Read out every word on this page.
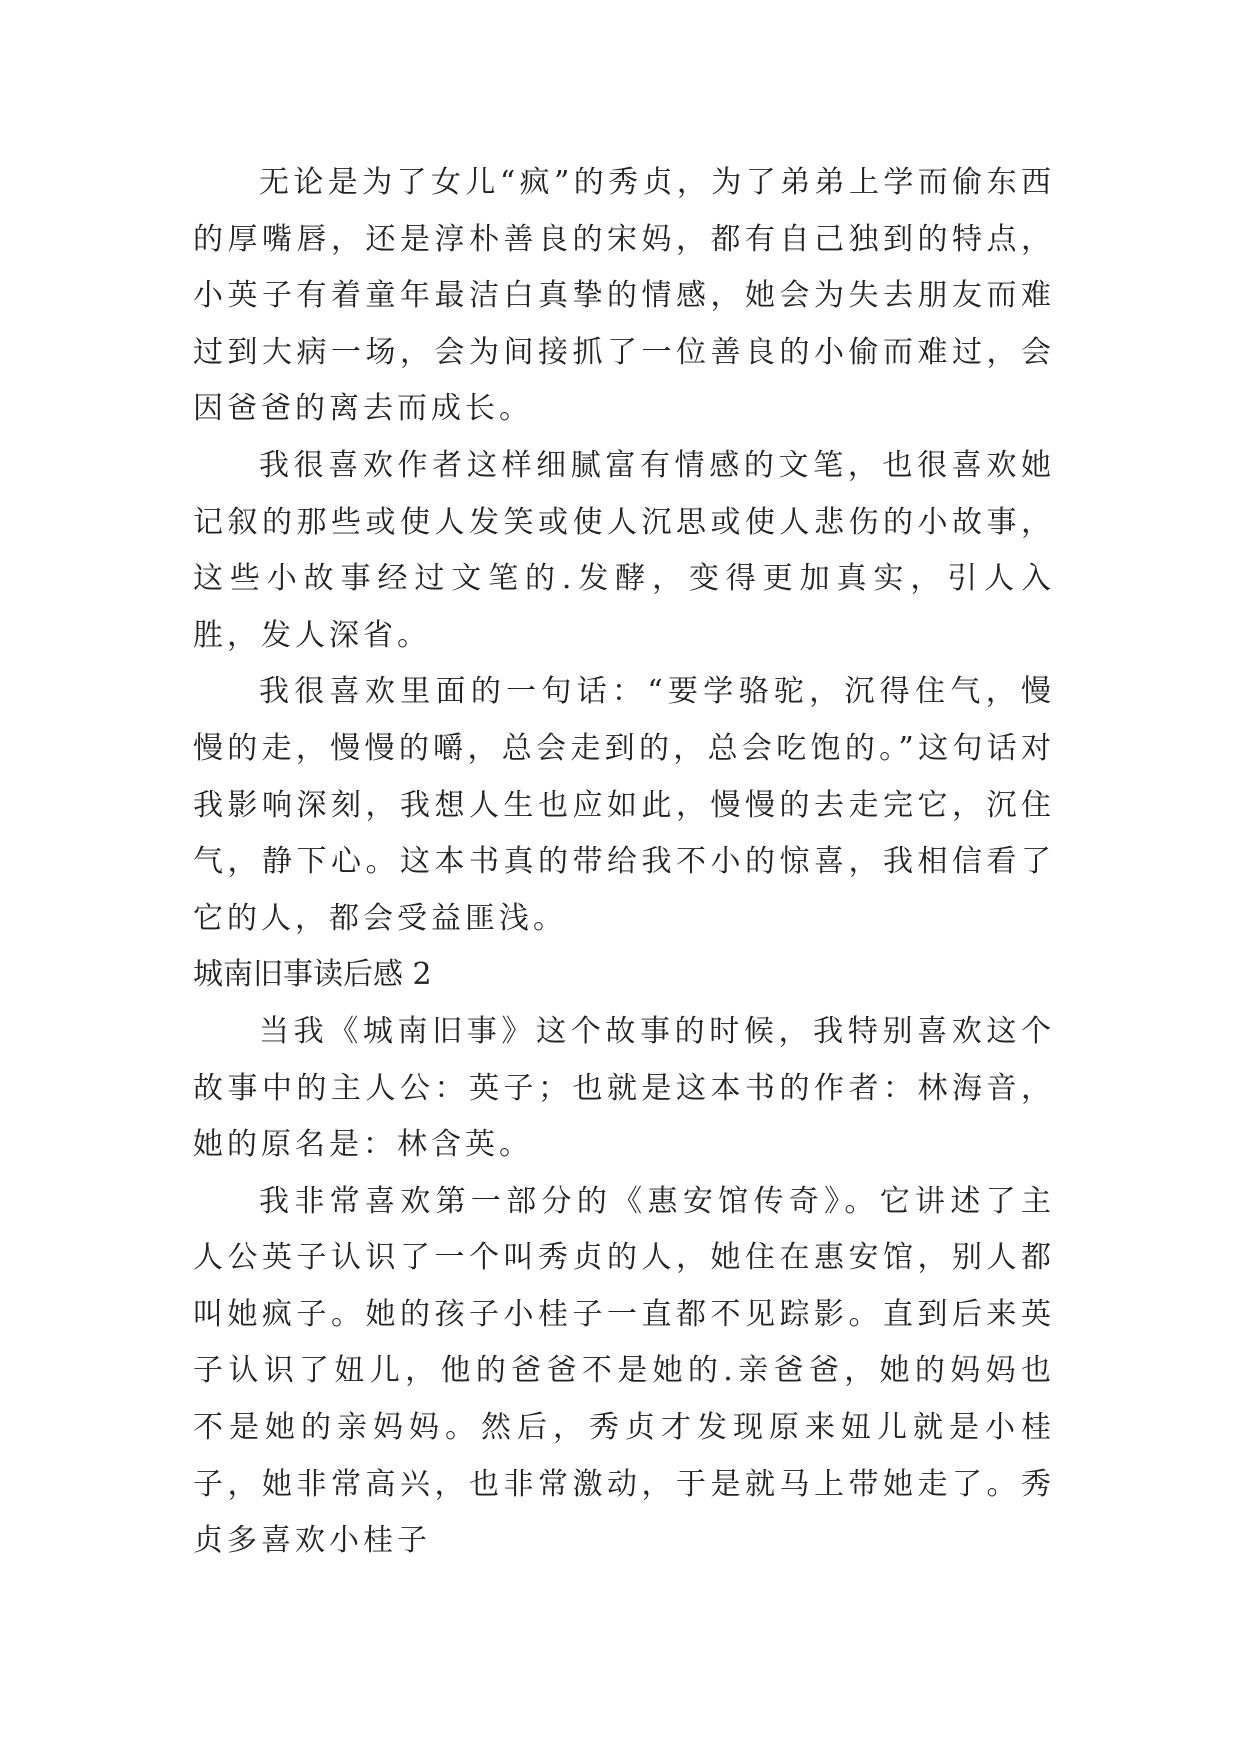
无论是为了女儿“疯”的秀贞，为了弟弟上学而偷东西的厚嘴唇，还是淳朴善良的宋妈，都有自己独到的特点，小英子有着童年最洁白真挚的情感，她会为失去朋友而难过到大病一场，会为间接抓了一位善良的小偷而难过，会因爸爸的离去而成长。

我很喜欢作者这样细腻富有情感的文笔，也很喜欢她记叙的那些或使人发笑或使人沉思或使人悲伤的小故事，这些小故事经过文笔的.发酵，变得更加真实，引人入胜，发人深省。

我很喜欢里面的一句话：“要学骆驼，沉得住气，慢慢的走，慢慢的嚼，总会走到的，总会吃饱的。”这句话对我影响深刻，我想人生也应如此，慢慢的去走完它，沉住气，静下心。这本书真的带给我不小的惊喜，我相信看了它的人，都会受益匪浅。

城南旧事读后感 2

当我《城南旧事》这个故事的时候，我特别喜欢这个故事中的主人公：英子；也就是这本书的作者：林海音，她的原名是：林含英。

我非常喜欢第一部分的《惠安馆传奇》。它讲述了主人公英子认识了一个叫秀贞的人，她住在惠安馆，别人都叫她疯子。她的孩子小桂子一直都不见踪影。直到后来英子认识了妞儿，他的爸爸不是她的.亲爸爸，她的妈妈也不是她的亲妈妈。然后，秀贞才发现原来妞儿就是小桂子，她非常高兴，也非常激动，于是就马上带她走了。秀贞多喜欢小桂子
